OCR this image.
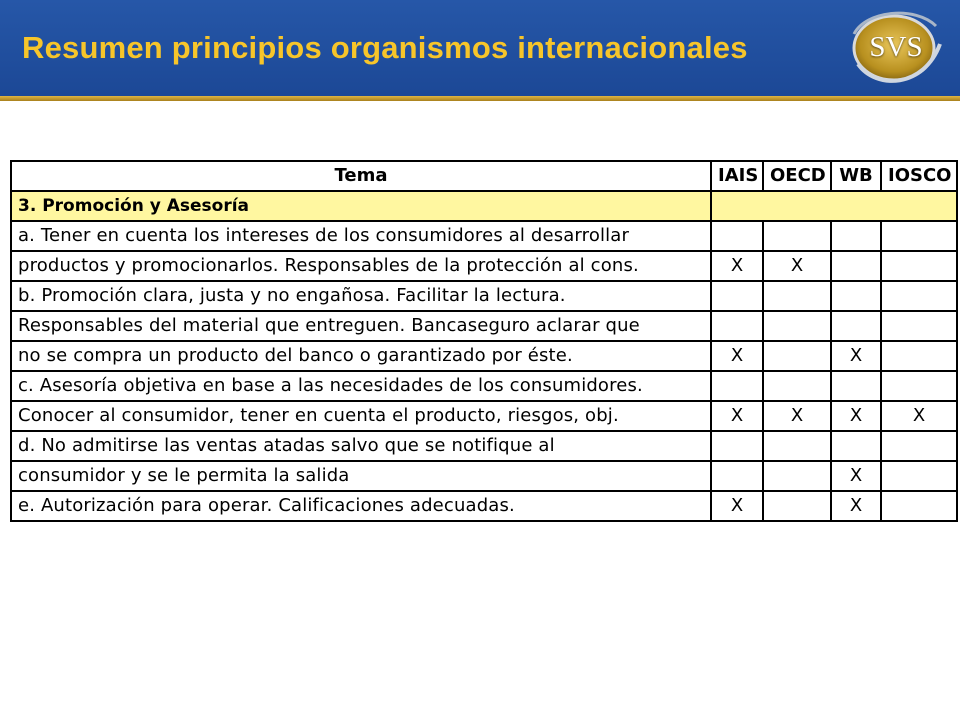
Resumen principios organismos internacionales	SVS
Tema	IAIS	OECD	WB	IOSCO
3. Promoción y Asesoría				
a. Tener en cuenta los intereses de los consumidores al desarrollar				
productos y promocionarlos. Responsables de la protección al cons.	X	X		
b. Promoción clara, justa y no engañosa. Facilitar la lectura.				
Responsables del material que entreguen. Bancaseguro aclarar que				
no se compra un producto del banco o garantizado por éste.	X		X	
c. Asesoría objetiva en base a las necesidades de los consumidores.				
Conocer al consumidor, tener en cuenta el producto, riesgos, obj.	X	X	X	X
d. No admitirse las ventas atadas salvo que se notifique al				
consumidor y se le permita la salida			X	
e. Autorización para operar. Calificaciones adecuadas.	X		X	
